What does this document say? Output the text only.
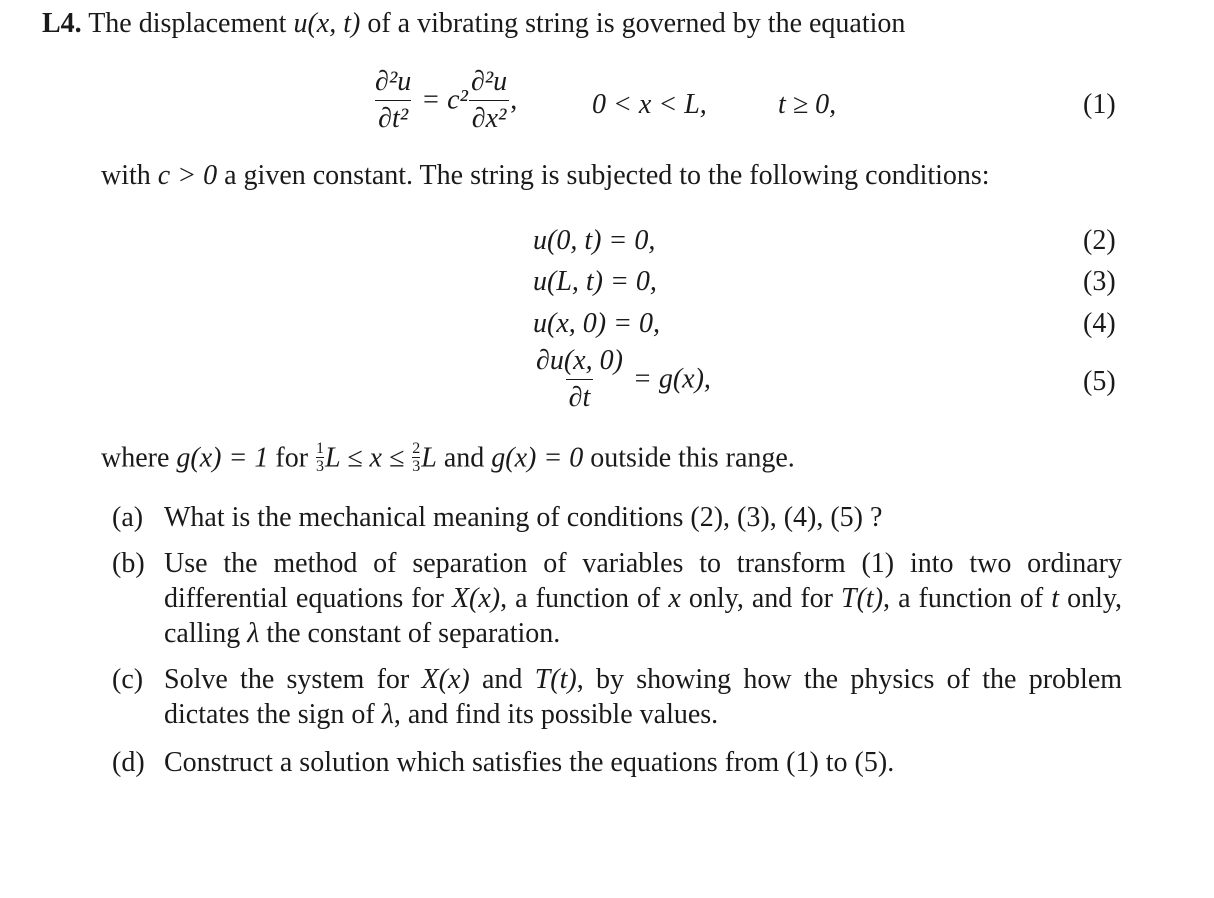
L4. The displacement u(x, t) of a vibrating string is governed by the equation
$\frac{\text{∂²u}}{\text{∂t²}} = c^2 \frac{\text{∂²u}}{\text{∂x²}}$ ,	0 < x < L,	t ≥ 0,	(1)
with c > 0 a given constant. The string is subjected to the following conditions:
u(0, t) = 0,	(2)
u(L, t) = 0,	(3)
u(x, 0) = 0,	(4)
$\frac{\partial u(x, 0)}{\partial t} = g(x)$,	(5)
where g(x) = 1 for $\frac{1}{3}$ $L \le x \le \frac{2}{3}$ L and g(x) = 0 outside this range.
(a) What is the mechanical meaning of conditions (2), (3), (4), (5) ?
(b) Use the method of separation of variables to transform (1) into two ordinary differential equations for X(x), a function of x only, and for T(t), a function of t only, calling λ the constant of separation.
(c) Solve the system for X(x) and T(t), by showing how the physics of the problem dictates the sign of λ, and find its possible values.
(d) Construct a solution which satisfies the equations from (1) to (5).
